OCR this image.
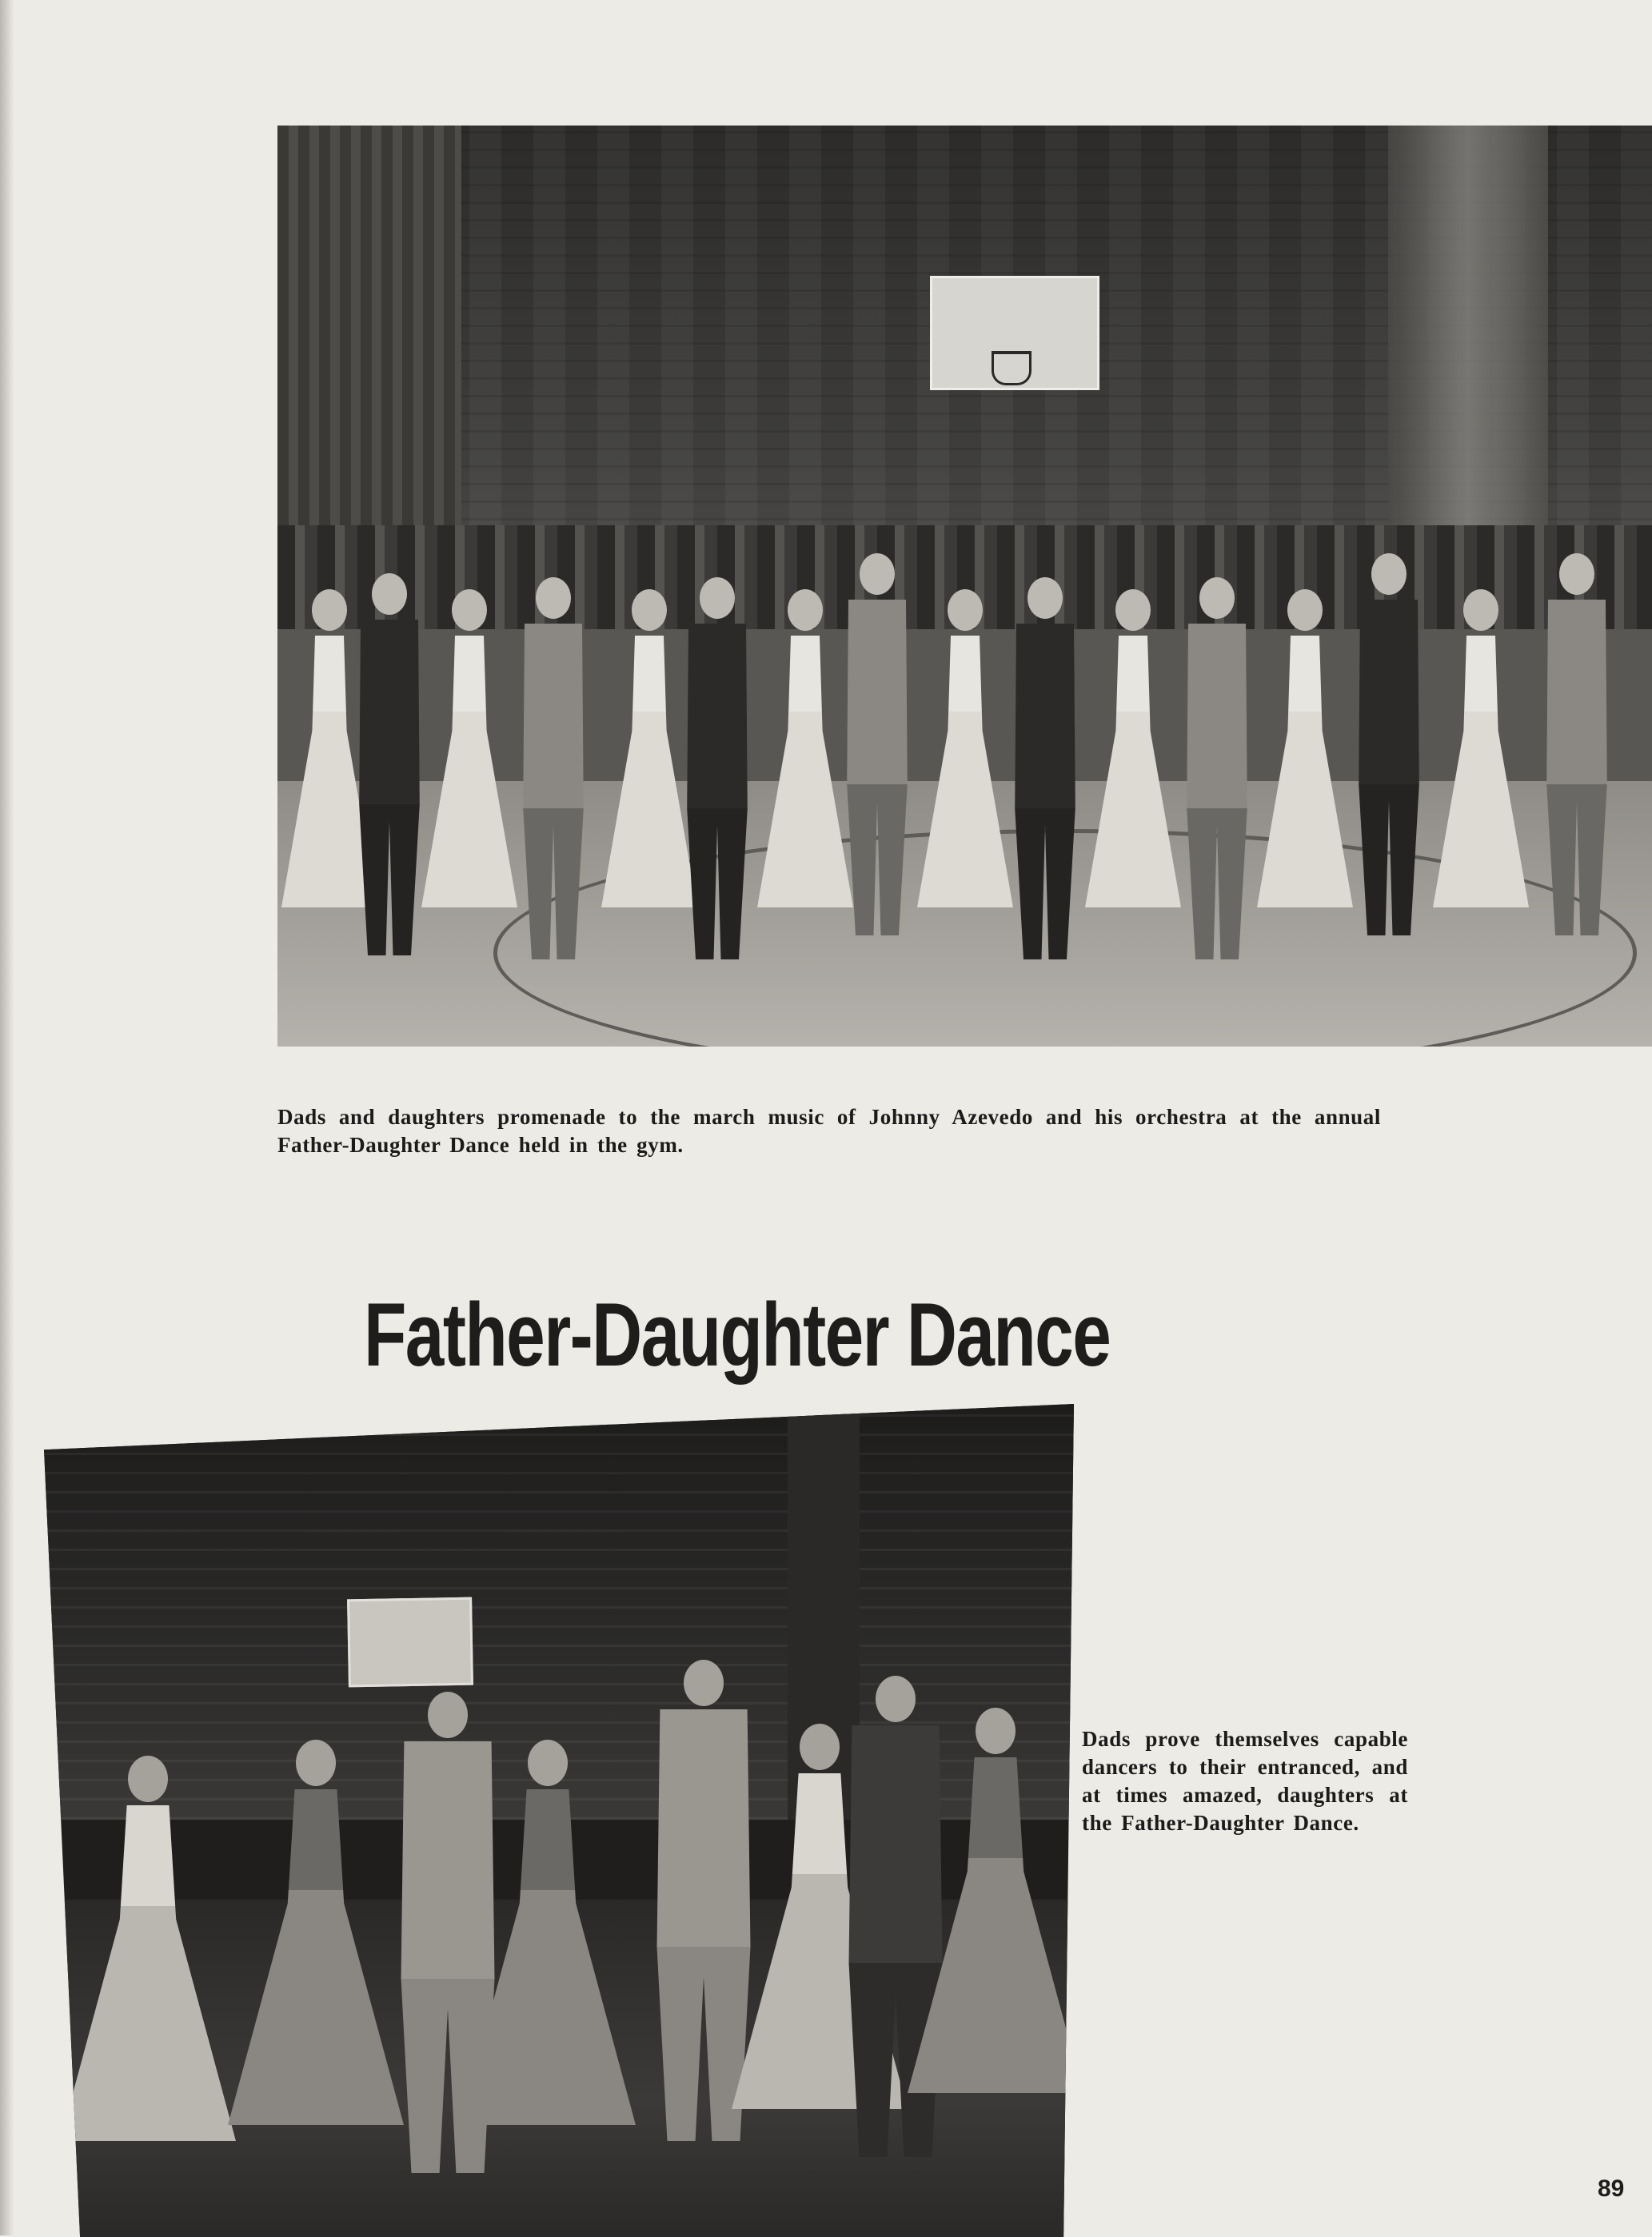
Dads and daughters promenade to the march music of Johnny Azevedo and his orchestra at the annual Father-Daughter Dance held in the gym.

Father-Daughter Dance

Dads prove themselves capable dancers to their entranced, and at times amazed, daughters at the Father-Daughter Dance.

89
